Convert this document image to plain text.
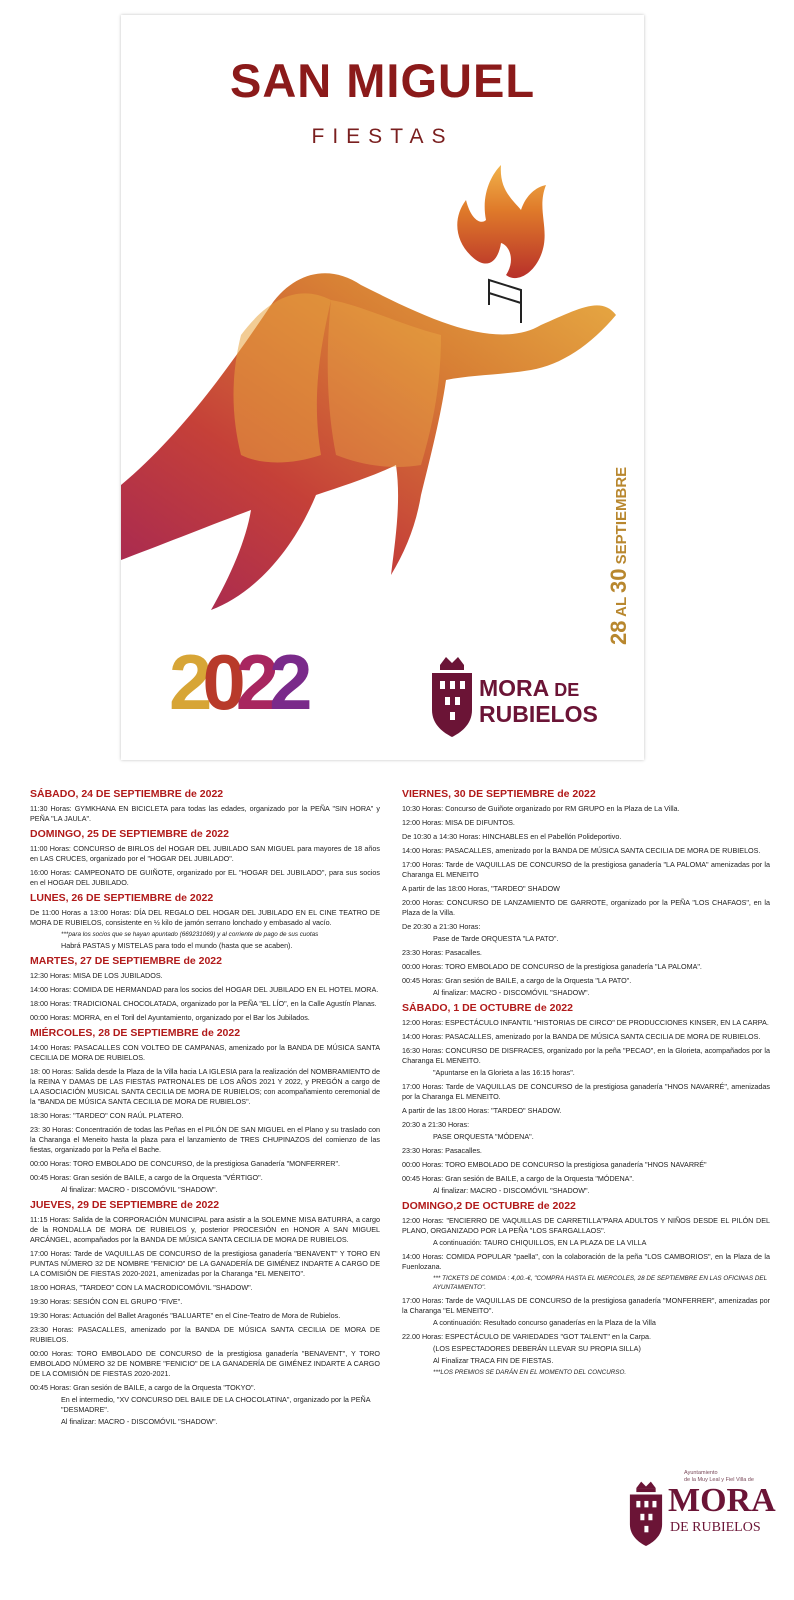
SAN MIGUEL
FIESTAS
28 AL 30 SEPTIEMBRE
2022	MORA DE
RUBIELOS
SÁBADO, 24 DE SEPTIEMBRE de 2022
11:30 Horas: GYMKHANA EN BICICLETA para todas las edades, organizado por la PEÑA "SIN HORA" y PEÑA "LA JAULA".
DOMINGO, 25 DE SEPTIEMBRE de 2022
11:00 Horas: CONCURSO de BIRLOS del HOGAR DEL JUBILADO SAN MIGUEL para mayores de 18 años en LAS CRUCES, organizado por el "HOGAR DEL JUBILADO".
16:00 Horas: CAMPEONATO DE GUIÑOTE, organizado por EL "HOGAR DEL JUBILADO", para sus socios en el HOGAR DEL JUBILADO.
LUNES, 26 DE SEPTIEMBRE de 2022
De 11:00 Horas a 13:00 Horas: DÍA DEL REGALO DEL HOGAR DEL JUBILADO EN EL CINE TEATRO DE MORA DE RUBIELOS, consistente en ½ kilo de jamón serrano lonchado y embasado al vacío.
***para los socios que se hayan apuntado (669231069) y al corriente de pago de sus cuotas
Habrá PASTAS y MISTELAS para todo el mundo (hasta que se acaben).
MARTES, 27 DE SEPTIEMBRE de 2022
12:30 Horas: MISA DE LOS JUBILADOS.
14:00 Horas: COMIDA DE HERMANDAD para los socios del HOGAR DEL JUBILADO EN EL HOTEL MORA.
18:00 Horas: TRADICIONAL CHOCOLATADA, organizado por la PEÑA "EL LÍO", en la Calle Agustín Planas.
00:00 Horas: MORRA, en el Toril del Ayuntamiento, organizado por el Bar los Jubilados.
MIÉRCOLES, 28 DE SEPTIEMBRE de 2022
14:00 Horas: PASACALLES CON VOLTEO DE CAMPANAS, amenizado por la BANDA DE MÚSICA SANTA CECILIA DE MORA DE RUBIELOS.
18: 00 Horas: Salida desde la Plaza de la Villa hacia LA IGLESIA para la realización del NOMBRAMIENTO de la REINA Y DAMAS DE LAS FIESTAS PATRONALES DE LOS AÑOS 2021 Y 2022, y PREGÓN a cargo de LA ASOCIACIÓN MUSICAL SANTA CECILIA DE MORA DE RUBIELOS; con acompañamiento ceremonial de la "BANDA DE MÚSICA SANTA CECILIA DE MORA DE RUBIELOS".
18:30 Horas: "TARDEO" CON RAÚL PLATERO.
23: 30 Horas: Concentración de todas las Peñas en el PILÓN DE SAN MIGUEL en el Plano y su traslado con la Charanga el Meneito hasta la plaza para el lanzamiento de TRES CHUPINAZOS del comienzo de las fiestas, organizado por la Peña el Bache.
00:00 Horas: TORO EMBOLADO DE CONCURSO, de la prestigiosa Ganadería "MONFERRER".
00:45 Horas: Gran sesión de BAILE, a cargo de la Orquesta "VÉRTIGO".
Al finalizar: MACRO - DISCOMÓVIL "SHADOW".
JUEVES, 29 DE SEPTIEMBRE de 2022
11:15 Horas: Salida de la CORPORACIÓN MUNICIPAL para asistir a la SOLEMNE MISA BATURRA, a cargo de la RONDALLA DE MORA DE RUBIELOS y, posterior PROCESIÓN en HONOR A SAN MIGUEL ARCÁNGEL, acompañados por la BANDA DE MÚSICA SANTA CECILIA DE MORA DE RUBIELOS.
17:00 Horas: Tarde de VAQUILLAS DE CONCURSO de la prestigiosa ganadería "BENAVENT" Y TORO EN PUNTAS NÚMERO 32 DE NOMBRE "FENICIO" DE LA GANADERÍA DE GIMÉNEZ INDARTE A CARGO DE LA COMISIÓN DE FIESTAS 2020-2021, amenizadas por la Charanga "EL MENEITO".
18:00 HORAS, "TARDEO" CON LA MACRODICOMÓVIL "SHADOW".
19:30 Horas: SESIÓN CON EL GRUPO "FIVE".
19:30 Horas: Actuación del Ballet Aragonés "BALUARTE" en el Cine-Teatro de Mora de Rubielos.
23:30 Horas: PASACALLES, amenizado por la BANDA DE MÚSICA SANTA CECILIA DE MORA DE RUBIELOS.
00:00 Horas: TORO EMBOLADO DE CONCURSO de la prestigiosa ganadería "BENAVENT", Y TORO EMBOLADO NÚMERO 32 DE NOMBRE "FENICIO" DE LA GANADERÍA DE GIMÉNEZ INDARTE A CARGO DE LA COMISIÓN DE FIESTAS 2020-2021.
00:45 Horas: Gran sesión de BAILE, a cargo de la Orquesta "TOKYO".
En el intermedio, "XV CONCURSO DEL BAILE DE LA CHOCOLATINA", organizado por la PEÑA "DESMADRE".
Al finalizar: MACRO - DISCOMÓVIL "SHADOW".
VIERNES, 30 DE SEPTIEMBRE de 2022
10:30 Horas: Concurso de Guiñote organizado por RM GRUPO en la Plaza de La Villa.
12:00 Horas: MISA DE DIFUNTOS.
De 10:30 a 14:30 Horas: HINCHABLES en el Pabellón Polideportivo.
14:00 Horas: PASACALLES, amenizado por la BANDA DE MÚSICA SANTA CECILIA DE MORA DE RUBIELOS.
17:00 Horas: Tarde de VAQUILLAS DE CONCURSO de la prestigiosa ganadería "LA PALOMA" amenizadas por la Charanga EL MENEITO
A partir de las 18:00 Horas, "TARDEO" SHADOW
20:00 Horas: CONCURSO DE LANZAMIENTO DE GARROTE, organizado por la PEÑA "LOS CHAFAOS", en la Plaza de la Villa.
De 20:30 a 21:30 Horas:
Pase de Tarde ORQUESTA "LA PATO".
23:30 Horas: Pasacalles.
00:00 Horas: TORO EMBOLADO DE CONCURSO de la prestigiosa ganadería "LA PALOMA".
00:45 Horas: Gran sesión de BAILE, a cargo de la Orquesta "LA PATO".
Al finalizar: MACRO - DISCOMÓVIL "SHADOW".
SÁBADO, 1 DE OCTUBRE de 2022
12:00 Horas: ESPECTÁCULO INFANTIL "HISTORIAS DE CIRCO" DE PRODUCCIONES KINSER, EN LA CARPA.
14:00 Horas: PASACALLES, amenizado por la BANDA DE MÚSICA SANTA CECILIA DE MORA DE RUBIELOS.
16:30 Horas: CONCURSO DE DISFRACES, organizado por la peña "PECAO", en la Glorieta, acompañados por la Charanga EL MENEITO.
"Apuntarse en la Glorieta a las 16:15 horas".
17:00 Horas: Tarde de VAQUILLAS DE CONCURSO de la prestigiosa ganadería "HNOS NAVARRÉ", amenizadas por la Charanga EL MENEITO.
A partir de las 18:00 Horas: "TARDEO" SHADOW.
20:30 a 21:30 Horas:
PASE ORQUESTA "MÓDENA".
23:30 Horas: Pasacalles.
00:00 Horas: TORO EMBOLADO DE CONCURSO la prestigiosa ganadería "HNOS NAVARRÉ"
00:45 Horas: Gran sesión de BAILE, a cargo de la Orquesta "MÓDENA".
Al finalizar: MACRO - DISCOMÓVIL "SHADOW".
DOMINGO,2 DE OCTUBRE de 2022
12:00 Horas: "ENCIERRO DE VAQUILLAS DE CARRETILLA"PARA ADULTOS Y NIÑOS DESDE EL PILÓN DEL PLANO, ORGANIZADO POR LA PEÑA "LOS SFARGALLAOS".
A continuación: TAURO CHIQUILLOS, EN LA PLAZA DE LA VILLA
14:00 Horas: COMIDA POPULAR "paella", con la colaboración de la peña "LOS CAMBORIOS", en la Plaza de la Fuenlozana.
*** TICKETS DE COMIDA : 4,00.-€, "COMPRA HASTA EL MIERCOLES, 28 DE SEPTIEMBRE EN LAS OFICINAS DEL AYUNTAMIENTO".
17:00 Horas: Tarde de VAQUILLAS DE CONCURSO de la prestigiosa ganadería "MONFERRER", amenizadas por la Charanga "EL MENEITO".
A continuación: Resultado concurso ganaderías en la Plaza de la Villa
22.00 Horas: ESPECTÁCULO DE VARIEDADES "GOT TALENT" en la Carpa.
(LOS ESPECTADORES DEBERÁN LLEVAR SU PROPIA SILLA)
Al Finalizar TRACA FIN DE FIESTAS.
***LOS PREMIOS SE DARÁN EN EL MOMENTO DEL CONCURSO.
Ayuntamiento
de la Muy Leal y Fiel Villa de
MORA
DE RUBIELOS
